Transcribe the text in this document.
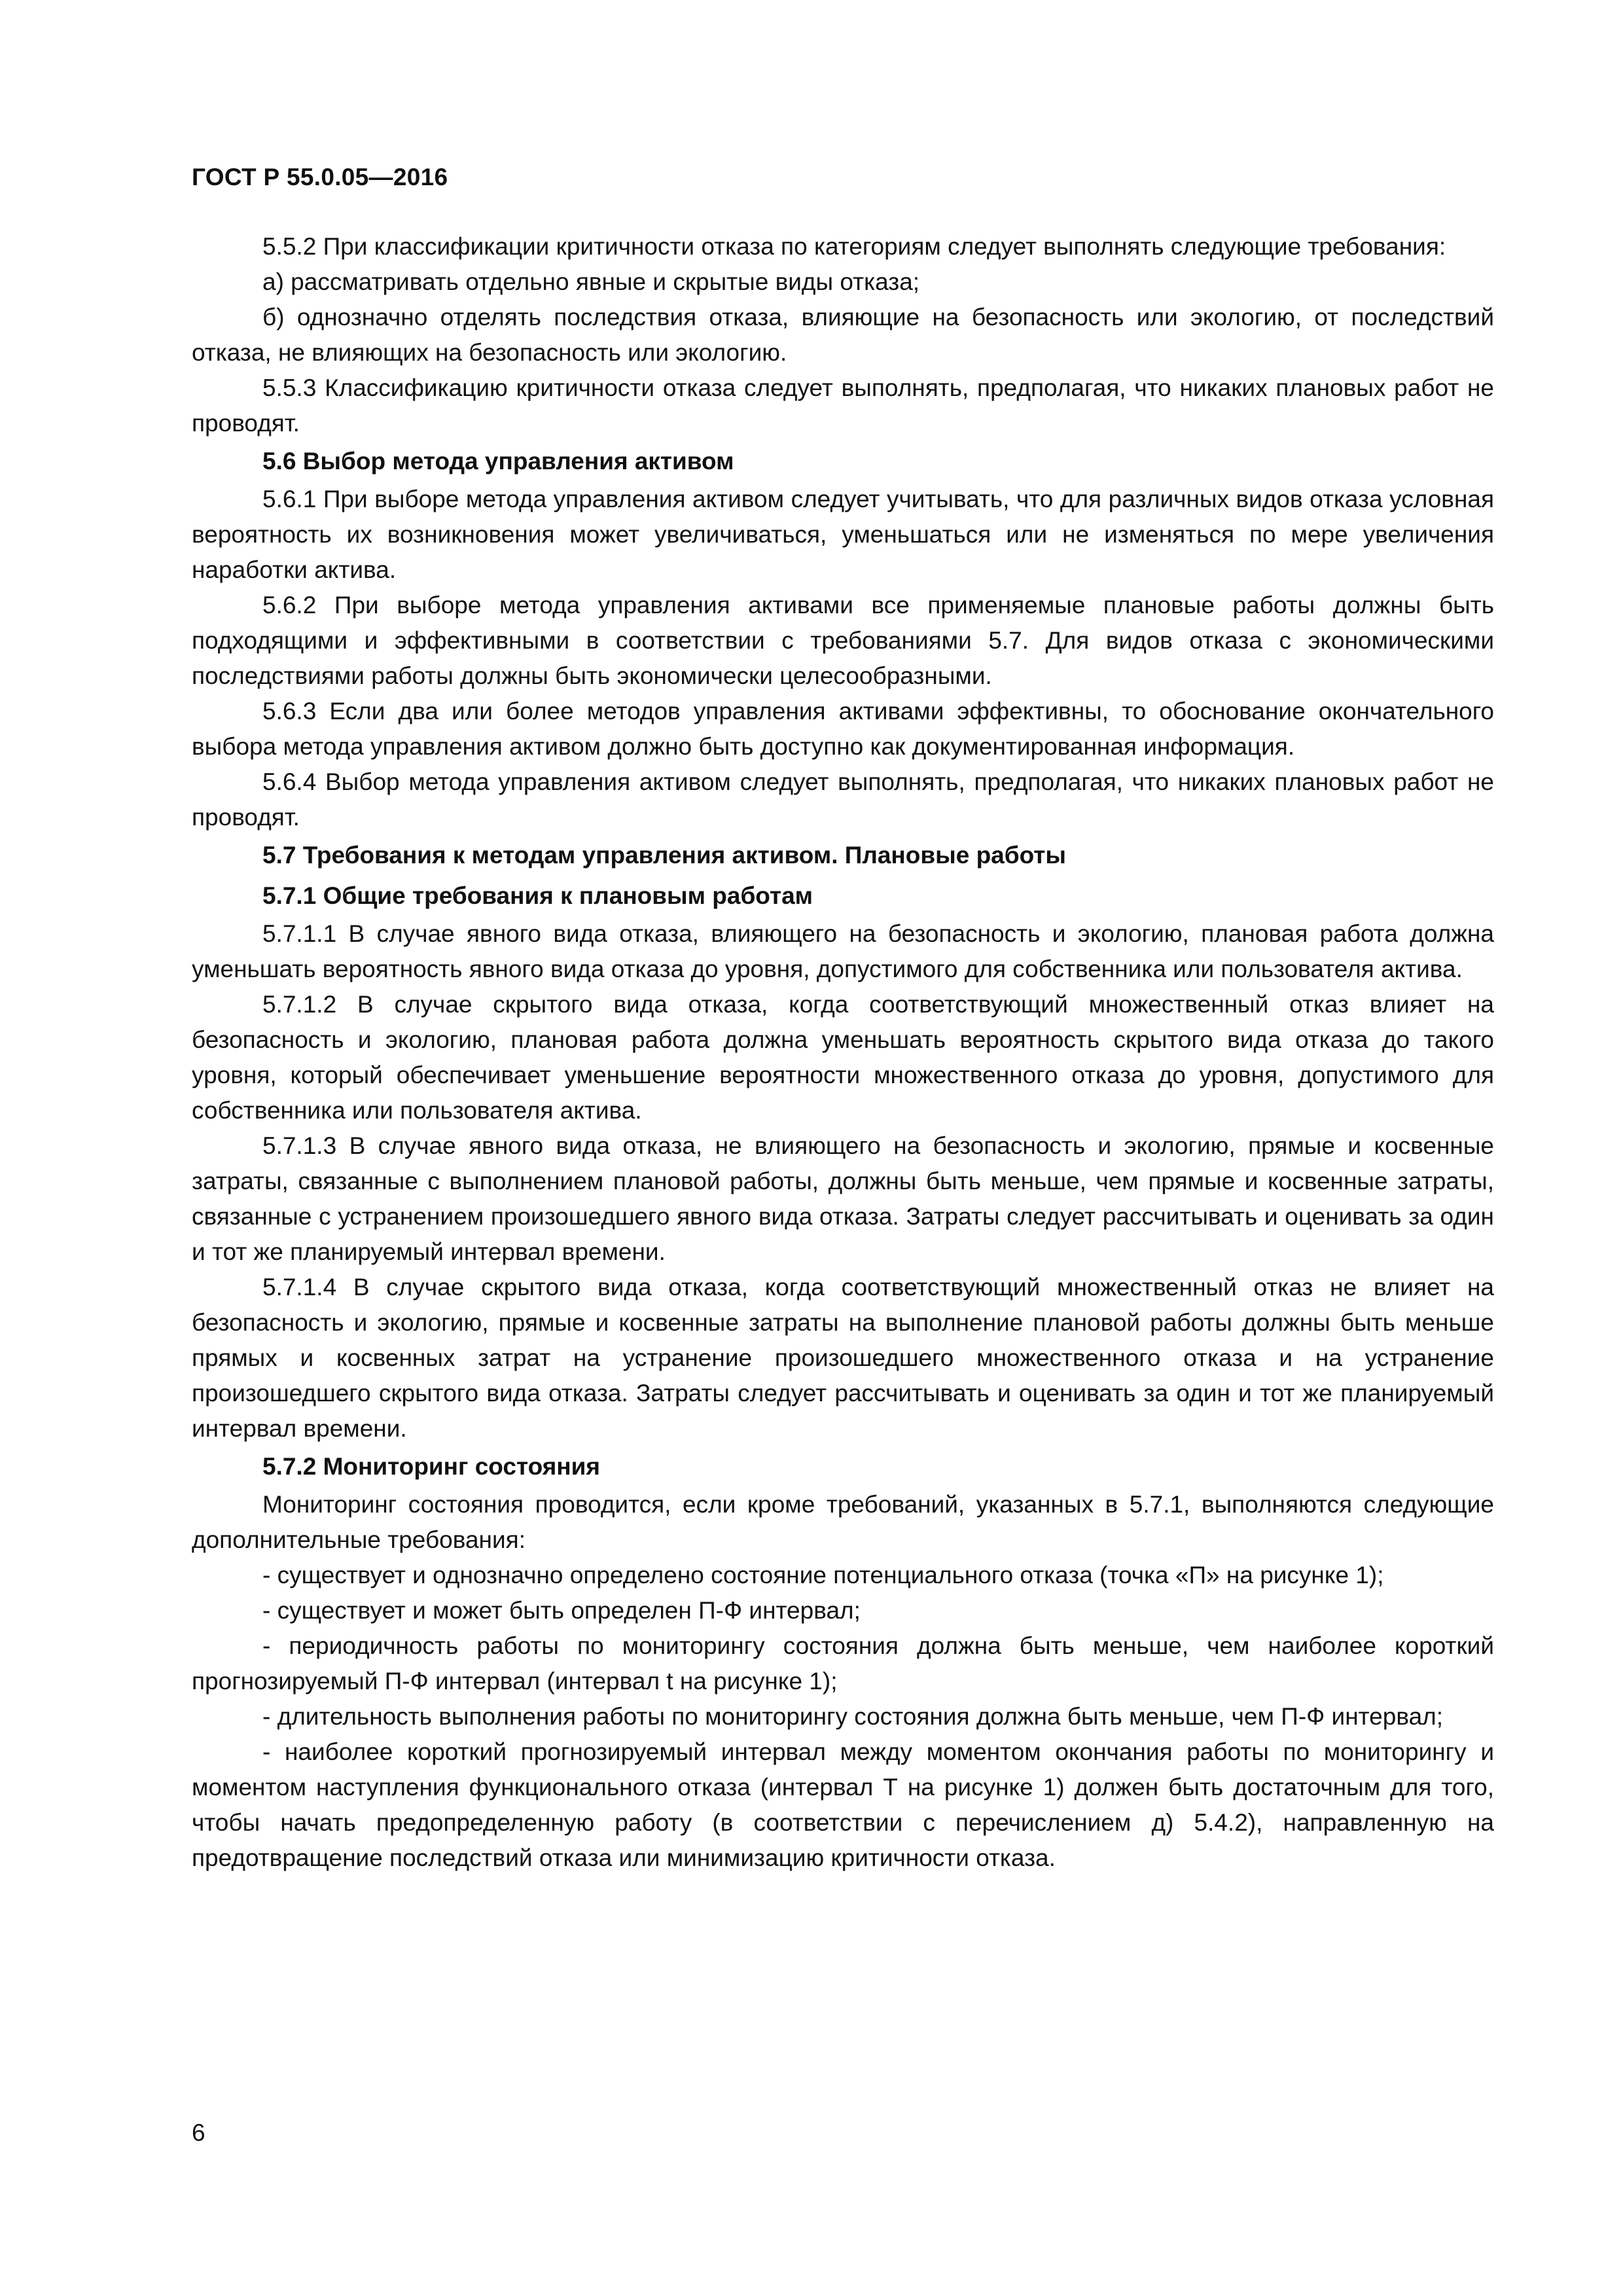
ГОСТ Р 55.0.05—2016

5.5.2 При классификации критичности отказа по категориям следует выполнять следующие требования:

а) рассматривать отдельно явные и скрытые виды отказа;

б) однозначно отделять последствия отказа, влияющие на безопасность или экологию, от последствий отказа, не влияющих на безопасность или экологию.

5.5.3 Классификацию критичности отказа следует выполнять, предполагая, что никаких плановых работ не проводят.

5.6 Выбор метода управления активом

5.6.1 При выборе метода управления активом следует учитывать, что для различных видов отказа условная вероятность их возникновения может увеличиваться, уменьшаться или не изменяться по мере увеличения наработки актива.

5.6.2 При выборе метода управления активами все применяемые плановые работы должны быть подходящими и эффективными в соответствии с требованиями 5.7. Для видов отказа с экономическими последствиями работы должны быть экономически целесообразными.

5.6.3 Если два или более методов управления активами эффективны, то обоснование окончательного выбора метода управления активом должно быть доступно как документированная информация.

5.6.4 Выбор метода управления активом следует выполнять, предполагая, что никаких плановых работ не проводят.

5.7 Требования к методам управления активом. Плановые работы

5.7.1 Общие требования к плановым работам

5.7.1.1 В случае явного вида отказа, влияющего на безопасность и экологию, плановая работа должна уменьшать вероятность явного вида отказа до уровня, допустимого для собственника или пользователя актива.

5.7.1.2 В случае скрытого вида отказа, когда соответствующий множественный отказ влияет на безопасность и экологию, плановая работа должна уменьшать вероятность скрытого вида отказа до такого уровня, который обеспечивает уменьшение вероятности множественного отказа до уровня, допустимого для собственника или пользователя актива.

5.7.1.3 В случае явного вида отказа, не влияющего на безопасность и экологию, прямые и косвенные затраты, связанные с выполнением плановой работы, должны быть меньше, чем прямые и косвенные затраты, связанные с устранением произошедшего явного вида отказа. Затраты следует рассчитывать и оценивать за один и тот же планируемый интервал времени.

5.7.1.4 В случае скрытого вида отказа, когда соответствующий множественный отказ не влияет на безопасность и экологию, прямые и косвенные затраты на выполнение плановой работы должны быть меньше прямых и косвенных затрат на устранение произошедшего множественного отказа и на устранение произошедшего скрытого вида отказа. Затраты следует рассчитывать и оценивать за один и тот же планируемый интервал времени.

5.7.2 Мониторинг состояния

Мониторинг состояния проводится, если кроме требований, указанных в 5.7.1, выполняются следующие дополнительные требования:

- существует и однозначно определено состояние потенциального отказа (точка «П» на рисунке 1);

- существует и может быть определен П-Ф интервал;

- периодичность работы по мониторингу состояния должна быть меньше, чем наиболее короткий прогнозируемый П-Ф интервал (интервал t на рисунке 1);

- длительность выполнения работы по мониторингу состояния должна быть меньше, чем П-Ф интервал;

- наиболее короткий прогнозируемый интервал между моментом окончания работы по мониторингу и моментом наступления функционального отказа (интервал Т на рисунке 1) должен быть достаточным для того, чтобы начать предопределенную работу (в соответствии с перечислением д) 5.4.2), направленную на предотвращение последствий отказа или минимизацию критичности отказа.

6
